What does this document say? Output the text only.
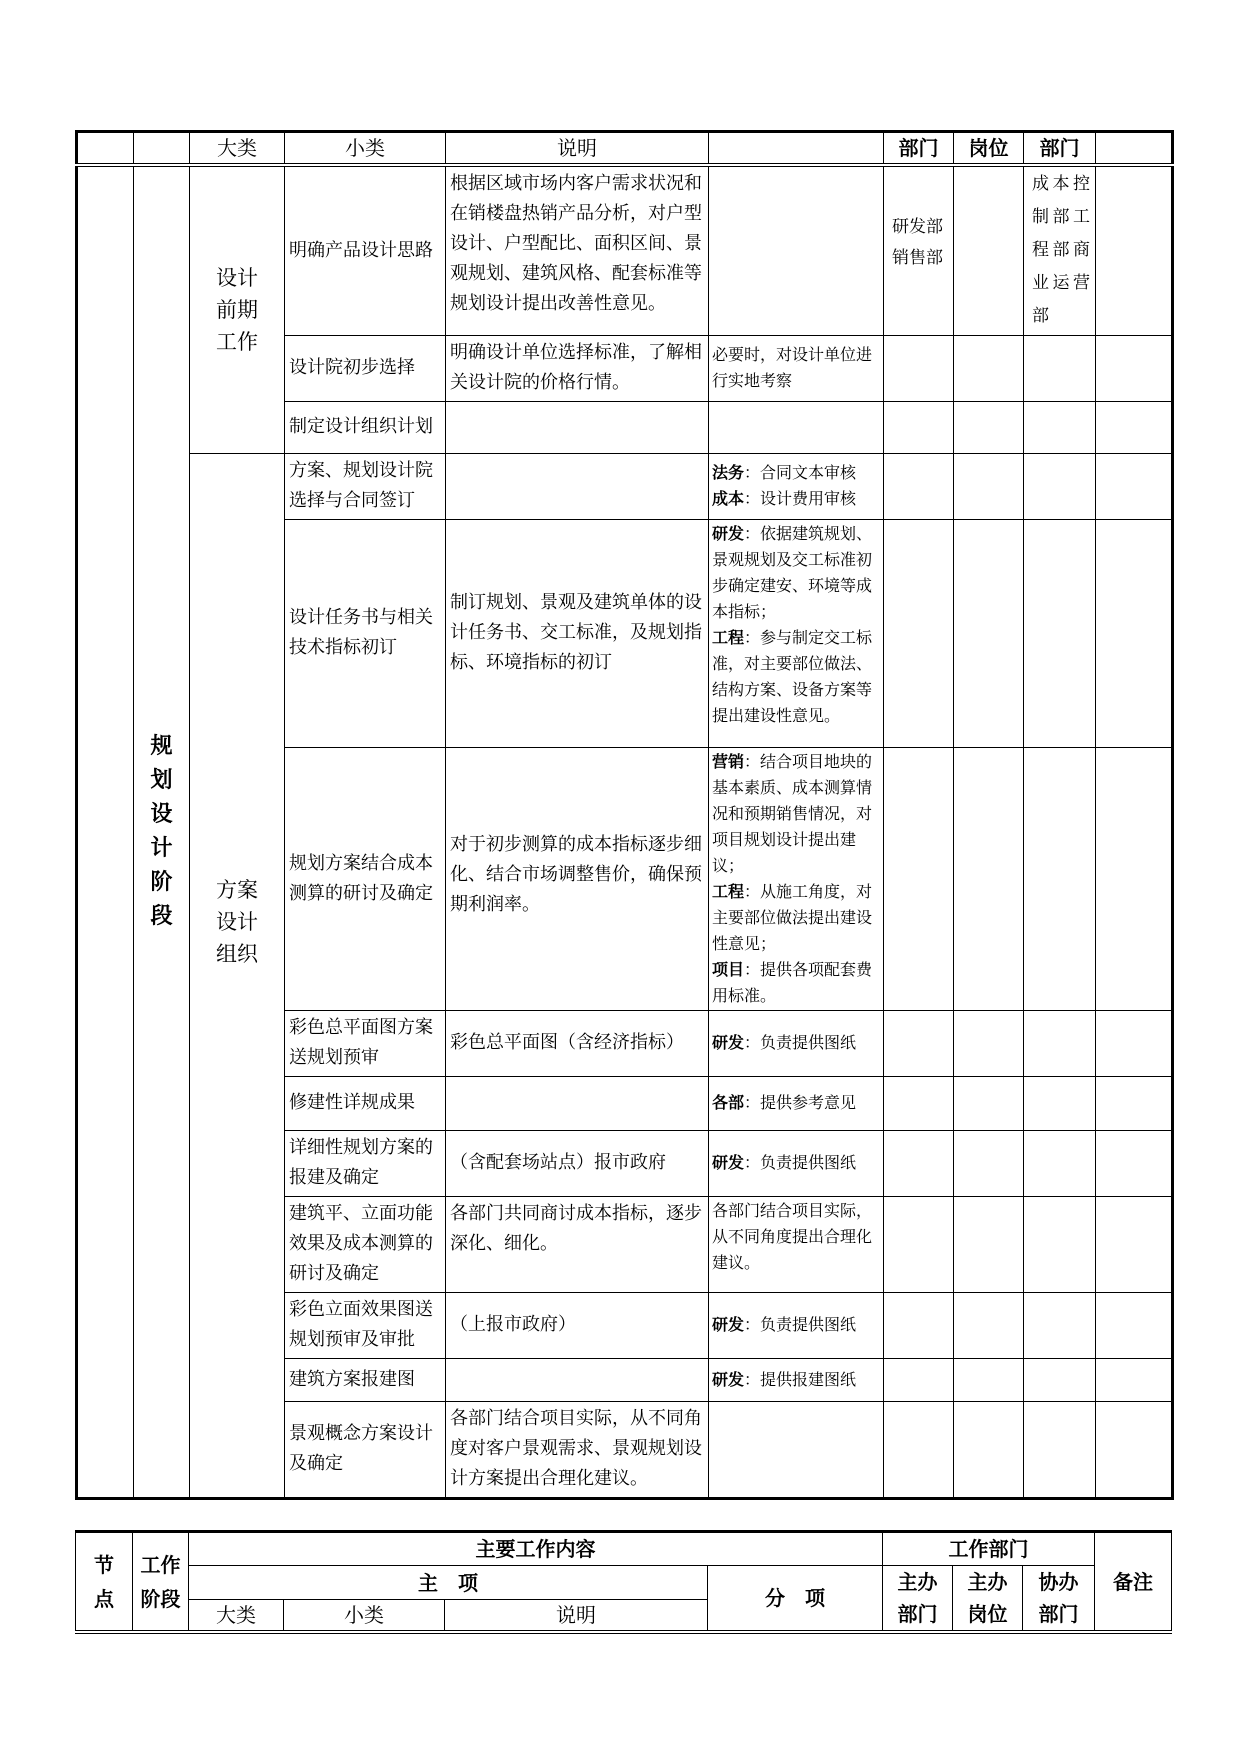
		大类	小类	说明		部门	岗位	部门	

	规划设计阶段	设计前期工作	明确产品设计思路	根据区域市场内客户需求状况和在销楼盘热销产品分析，对户型设计、户型配比、面积区间、景观规划、建筑风格、配套标准等规划设计提出改善性意见。		研发部销售部		成本控制部工程部商业运营部	

			设计院初步选择	明确设计单位选择标准，了解相关设计院的价格行情。	必要时，对设计单位进行实地考察				
			制定设计组织计划						

		方案设计组织	方案、规划设计院选择与合同签订		法务：合同文本审核
成本：设计费用审核				

			设计任务书与相关技术指标初订	制订规划、景观及建筑单体的设计任务书、交工标准，及规划指标、环境指标的初订	研发：依据建筑规划、景观规划及交工标准初步确定建安、环境等成本指标；
工程：参与制定交工标准，对主要部位做法、结构方案、设备方案等提出建设性意见。				

			规划方案结合成本测算的研讨及确定	对于初步测算的成本指标逐步细化、结合市场调整售价，确保预期利润率。	营销：结合项目地块的基本素质、成本测算情况和预期销售情况，对项目规划设计提出建议；
工程：从施工角度，对主要部位做法提出建设性意见；
项目：提供各项配套费用标准。				

			彩色总平面图方案送规划预审	彩色总平面图（含经济指标）	研发：负责提供图纸				
			修建性详规成果		各部：提供参考意见				
			详细性规划方案的报建及确定	（含配套场站点）报市政府	研发：负责提供图纸				
			建筑平、立面功能效果及成本测算的研讨及确定	各部门共同商讨成本指标，逐步深化、细化。	各部门结合项目实际，从不同角度提出合理化建议。				
			彩色立面效果图送规划预审及审批	（上报市政府）	研发：负责提供图纸				
			建筑方案报建图		研发：提供报建图纸				
			景观概念方案设计及确定	各部门结合项目实际，从不同角度对客户景观需求、景观规划设计方案提出合理化建议。					
节点	工作阶段	主要工作内容				工作部门			备注
		主　项			分　项	主办部门	主办岗位	协办部门	

		大类	小类	说明					
